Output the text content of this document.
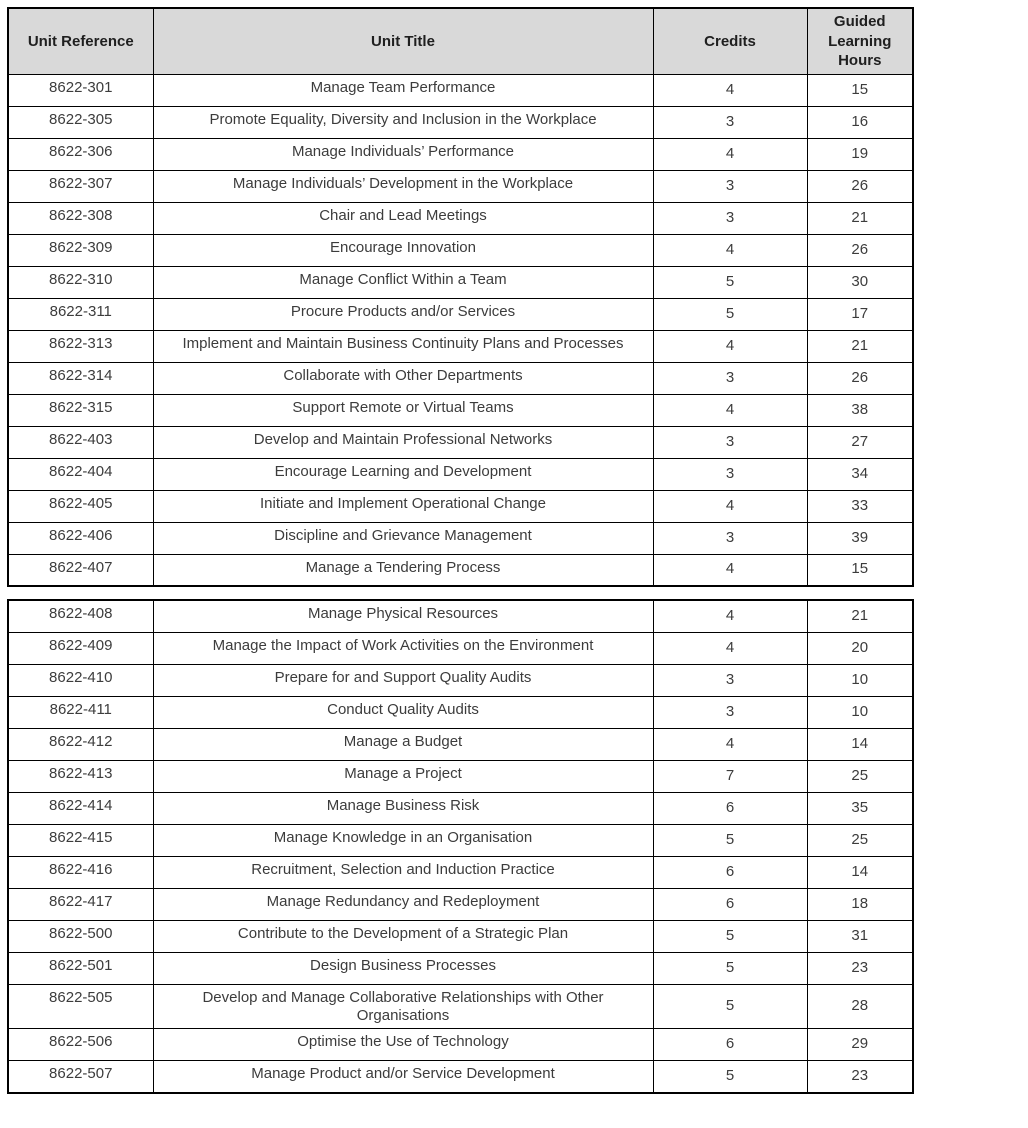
Unit Reference	Unit Title	Credits	Guided Learning Hours
8622-301	Manage Team Performance	4	15
8622-305	Promote Equality, Diversity and Inclusion in the Workplace	3	16
8622-306	Manage Individuals’ Performance	4	19
8622-307	Manage Individuals’ Development in the Workplace	3	26
8622-308	Chair and Lead Meetings	3	21
8622-309	Encourage Innovation	4	26
8622-310	Manage Conflict Within a Team	5	30
8622-311	Procure Products and/or Services	5	17
8622-313	Implement and Maintain Business Continuity Plans and Processes	4	21
8622-314	Collaborate with Other Departments	3	26
8622-315	Support Remote or Virtual Teams	4	38
8622-403	Develop and Maintain Professional Networks	3	27
8622-404	Encourage Learning and Development	3	34
8622-405	Initiate and Implement Operational Change	4	33
8622-406	Discipline and Grievance Management	3	39
8622-407	Manage a Tendering Process	4	15
8622-408	Manage Physical Resources	4	21
8622-409	Manage the Impact of Work Activities on the Environment	4	20
8622-410	Prepare for and Support Quality Audits	3	10
8622-411	Conduct Quality Audits	3	10
8622-412	Manage a Budget	4	14
8622-413	Manage a Project	7	25
8622-414	Manage Business Risk	6	35
8622-415	Manage Knowledge in an Organisation	5	25
8622-416	Recruitment, Selection and Induction Practice	6	14
8622-417	Manage Redundancy and Redeployment	6	18
8622-500	Contribute to the Development of a Strategic Plan	5	31
8622-501	Design Business Processes	5	23
8622-505	Develop and Manage Collaborative Relationships with Other Organisations	5	28
8622-506	Optimise the Use of Technology	6	29
8622-507	Manage Product and/or Service Development	5	23
